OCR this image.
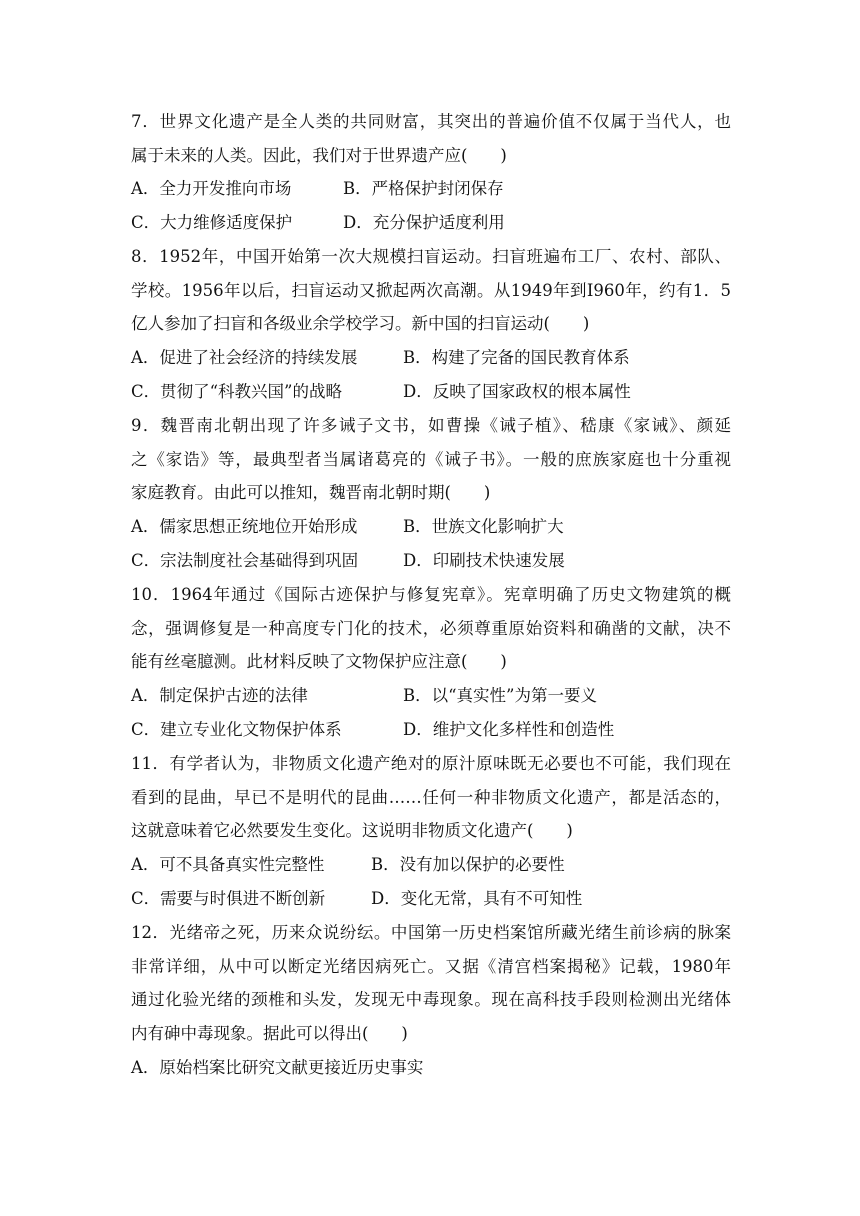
7．世界文化遗产是全人类的共同财富，其突出的普遍价值不仅属于当代人，也
属于未来的人类。因此，我们对于世界遗产应(　　)
A．全力开发推向市场	B．严格保护封闭保存
C．大力维修适度保护	D．充分保护适度利用
8．1952年，中国开始第一次大规模扫盲运动。扫盲班遍布工厂、农村、部队、
学校。1956年以后，扫盲运动又掀起两次高潮。从1949年到I960年，约有1．5
亿人参加了扫盲和各级业余学校学习。新中国的扫盲运动(　　)
A．促进了社会经济的持续发展	B．构建了完备的国民教育体系
C．贯彻了“科教兴国”的战略	D．反映了国家政权的根本属性
9．魏晋南北朝出现了许多诫子文书，如曹操《诫子植》、嵇康《家诫》、颜延
之《家诰》等，最典型者当属诸葛亮的《诫子书》。一般的庶族家庭也十分重视
家庭教育。由此可以推知，魏晋南北朝时期(　　)
A．儒家思想正统地位开始形成	B．世族文化影响扩大
C．宗法制度社会基础得到巩固	D．印刷技术快速发展
10．1964年通过《国际古迹保护与修复宪章》。宪章明确了历史文物建筑的概
念，强调修复是一种高度专门化的技术，必须尊重原始资料和确凿的文献，决不
能有丝毫臆测。此材料反映了文物保护应注意(　　)
A．制定保护古迹的法律	B．以“真实性”为第一要义
C．建立专业化文物保护体系	D．维护文化多样性和创造性
11．有学者认为，非物质文化遗产绝对的原汁原味既无必要也不可能，我们现在
看到的昆曲，早已不是明代的昆曲……任何一种非物质文化遗产，都是活态的，
这就意味着它必然要发生变化。这说明非物质文化遗产(　　)
A．可不具备真实性完整性	B．没有加以保护的必要性
C．需要与时俱进不断创新	D．变化无常，具有不可知性
12．光绪帝之死，历来众说纷纭。中国第一历史档案馆所藏光绪生前诊病的脉案
非常详细，从中可以断定光绪因病死亡。又据《清宫档案揭秘》记载，1980年
通过化验光绪的颈椎和头发，发现无中毒现象。现在高科技手段则检测出光绪体
内有砷中毒现象。据此可以得出(　　)
A．原始档案比研究文献更接近历史事实
